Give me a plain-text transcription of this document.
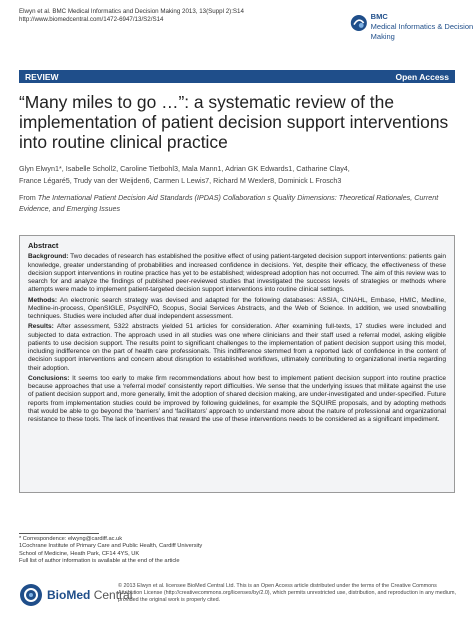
Elwyn et al. BMC Medical Informatics and Decision Making 2013, 13(Suppl 2):S14
http://www.biomedcentral.com/1472-6947/13/S2/S14	BMC
Medical Informatics & Decision Making
REVIEW	Open Access
“Many miles to go …”: a systematic review of the implementation of patient decision support interventions into routine clinical practice
Glyn Elwyn1*, Isabelle Scholl2, Caroline Tietbohl3, Mala Mann1, Adrian GK Edwards1, Catharine Clay4,
France Légaré5, Trudy van der Weijden6, Carmen L Lewis7, Richard M Wexler8, Dominick L Frosch3
From The International Patient Decision Aid Standards (IPDAS) Collaboration s Quality Dimensions: Theoretical Rationales, Current Evidence, and Emerging Issues
Abstract

Background: Two decades of research has established the positive effect of using patient-targeted decision support interventions: patients gain knowledge, greater understanding of probabilities and increased confidence in decisions. Yet, despite their efficacy, the effectiveness of these decision support interventions in routine practice has yet to be established; widespread adoption has not occurred. The aim of this review was to search for and analyze the findings of published peer-reviewed studies that investigated the success levels of strategies or methods where attempts were made to implement patient-targeted decision support interventions into routine clinical settings.

Methods: An electronic search strategy was devised and adapted for the following databases: ASSIA, CINAHL, Embase, HMIC, Medline, Medline-in-process, OpenSIGLE, PsycINFO, Scopus, Social Services Abstracts, and the Web of Science. In addition, we used snowballing techniques. Studies were included after dual independent assessment.

Results: After assessment, 5322 abstracts yielded 51 articles for consideration. After examining full-texts, 17 studies were included and subjected to data extraction. The approach used in all studies was one where clinicians and their staff used a referral model, asking eligible patients to use decision support. The results point to significant challenges to the implementation of patient decision support using this model, including indifference on the part of health care professionals. This indifference stemmed from a reported lack of confidence in the content of decision support interventions and concern about disruption to established workflows, ultimately contributing to organizational inertia regarding their adoption.

Conclusions: It seems too early to make firm recommendations about how best to implement patient decision support into routine practice because approaches that use a ‘referral model’ consistently report difficulties. We sense that the underlying issues that militate against the use of patient decision support and, more generally, limit the adoption of shared decision making, are under-investigated and under-specified. Future reports from implementation studies could be improved by following guidelines, for example the SQUIRE proposals, and by adopting methods that would be able to go beyond the ‘barriers’ and ‘facilitators’ approach to understand more about the nature of professional and organizational resistance to these tools. The lack of incentives that reward the use of these interventions needs to be considered as a significant impediment.

* Correspondence: elwyng@cardiff.ac.uk
1Cochrane Institute of Primary Care and Public Health, Cardiff University
School of Medicine, Heath Park, CF14 4YS, UK
Full list of author information is available at the end of the article
BioMed Central
© 2013 Elwyn et al. licensee BioMed Central Ltd. This is an Open Access article distributed under the terms of the Creative Commons Attribution License (http://creativecommons.org/licenses/by/2.0), which permits unrestricted use, distribution, and reproduction in any medium, provided the original work is properly cited.
